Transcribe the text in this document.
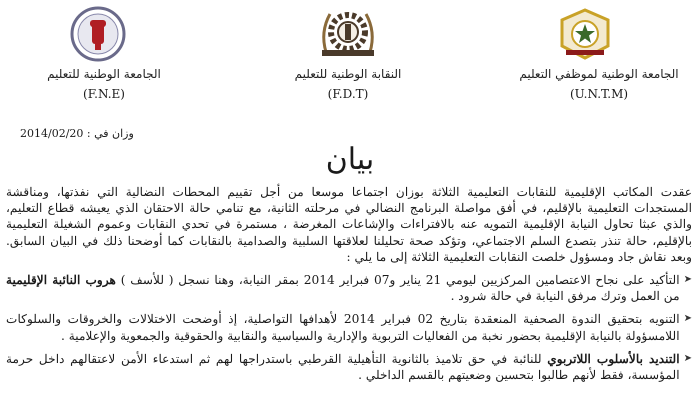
الجامعة الوطنية للتعليم
(F.N.E)
النقابة الوطنية للتعليم
(F.D.T)
الجامعة الوطنية لموظفي التعليم
(U.N.T.M)
وزان في : 2014/02/20
بيان

عقدت المكاتب الإقليمية للنقابات التعليمية الثلاثة بوزان اجتماعا موسعا من أجل تقييم المحطات النضالية التي نفذتها، ومناقشة المستجدات التعليمية بالإقليم، في أفق مواصلة البرنامج النضالي في مرحلته الثانية، مع تنامي حالة الاحتقان الذي يعيشه قطاع التعليم، والذي عبثا تحاول النيابة الإقليمية التمويه عنه بالافتراءات والإشاعات المغرضة ، مستمرة في تحدي النقابات وعموم الشغيلة التعليمية بالإقليم، حالة تنذر بتصدع السلم الاجتماعي، وتؤكد صحة تحليلنا لعلاقتها السلبية والصدامية بالنقابات كما أوضحنا ذلك في البيان السابق. وبعد نقاش جاد ومسؤول خلصت النقابات التعليمية الثلاثة إلى ما يلي :

➤
التأكيد على نجاح الاعتصامين المركزيين ليومي 21 يناير و07 فبراير 2014 بمقر النيابة، وهنا نسجل ( للأسف ) هروب النائبة الإقليمية من العمل وترك مرفق النيابة في حالة شرود .
➤
التنويه بتحقيق الندوة الصحفية المنعقدة بتاريخ 02 فبراير 2014 لأهدافها التواصلية، إذ أوضحت الاختلالات والخروقات والسلوكات اللامسؤولة بالنيابة الإقليمية بحضور نخبة من الفعاليات التربوية والإدارية والسياسية والنقابية والحقوقية والجمعوية والإعلامية .
➤
التنديد بالأسلوب اللاتربوي للنائبة في حق تلاميذ بالثانوية التأهيلية القرطبي باستدراجها لهم ثم استدعاء الأمن لاعتقالهم داخل حرمة المؤسسة، فقط لأنهم طالبوا بتحسين وضعيتهم بالقسم الداخلي .
